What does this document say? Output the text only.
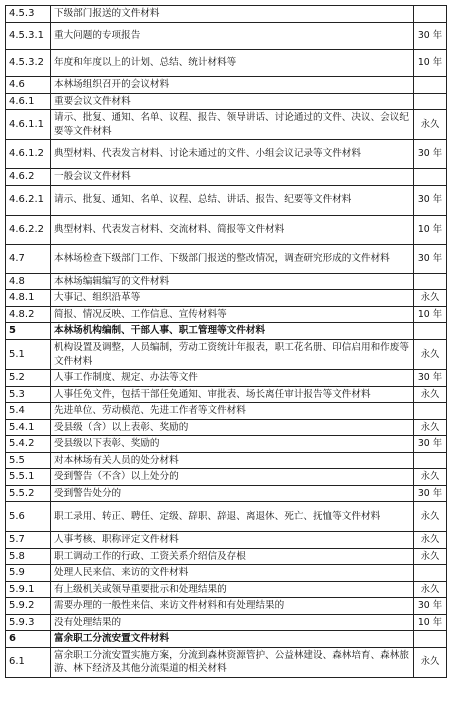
4.5.3	下级部门报送的文件材料	
4.5.3.1	重大问题的专项报告	30 年
4.5.3.2	年度和年度以上的计划、总结、统计材料等	10 年
4.6	本林场组织召开的会议材料	
4.6.1	重要会议文件材料	
4.6.1.1	请示、批复、通知、名单、议程、报告、领导讲话、讨论通过的文件、决议、会议纪要等文件材料	永久
4.6.1.2	典型材料、代表发言材料、讨论未通过的文件、小组会议记录等文件材料	30 年
4.6.2	一般会议文件材料	
4.6.2.1	请示、批复、通知、名单、议程、总结、讲话、报告、纪要等文件材料	30 年
4.6.2.2	典型材料、代表发言材料、交流材料、简报等文件材料	10 年
4.7	本林场检查下级部门工作、下级部门报送的整改情况，调查研究形成的文件材料	30 年
4.8	本林场编辑编写的文件材料	
4.8.1	大事记、组织沿革等	永久
4.8.2	简报、情况反映、工作信息、宣传材料等	10 年
5	本林场机构编制、干部人事、职工管理等文件材料	
5.1	机构设置及调整，人员编制，劳动工资统计年报表，职工花名册、印信启用和作废等文件材料	永久
5.2	人事工作制度、规定、办法等文件	30 年
5.3	人事任免文件，包括干部任免通知、审批表、场长离任审计报告等文件材料	永久
5.4	先进单位、劳动模范、先进工作者等文件材料	
5.4.1	受县级（含）以上表彰、奖励的	永久
5.4.2	受县级以下表彰、奖励的	30 年
5.5	对本林场有关人员的处分材料	
5.5.1	受到警告（不含）以上处分的	永久
5.5.2	受到警告处分的	30 年
5.6	职工录用、转正、聘任、定级、辞职、辞退、离退休、死亡、抚恤等文件材料	永久
5.7	人事考核、职称评定文件材料	永久
5.8	职工调动工作的行政、工资关系介绍信及存根	永久
5.9	处理人民来信、来访的文件材料	
5.9.1	有上级机关或领导重要批示和处理结果的	永久
5.9.2	需要办理的一般性来信、来访文件材料和有处理结果的	30 年
5.9.3	没有处理结果的	10 年
6	富余职工分流安置文件材料	
6.1	富余职工分流安置实施方案，分流到森林资源管护、公益林建设、森林培育、森林旅游、林下经济及其他分流渠道的相关材料	永久
